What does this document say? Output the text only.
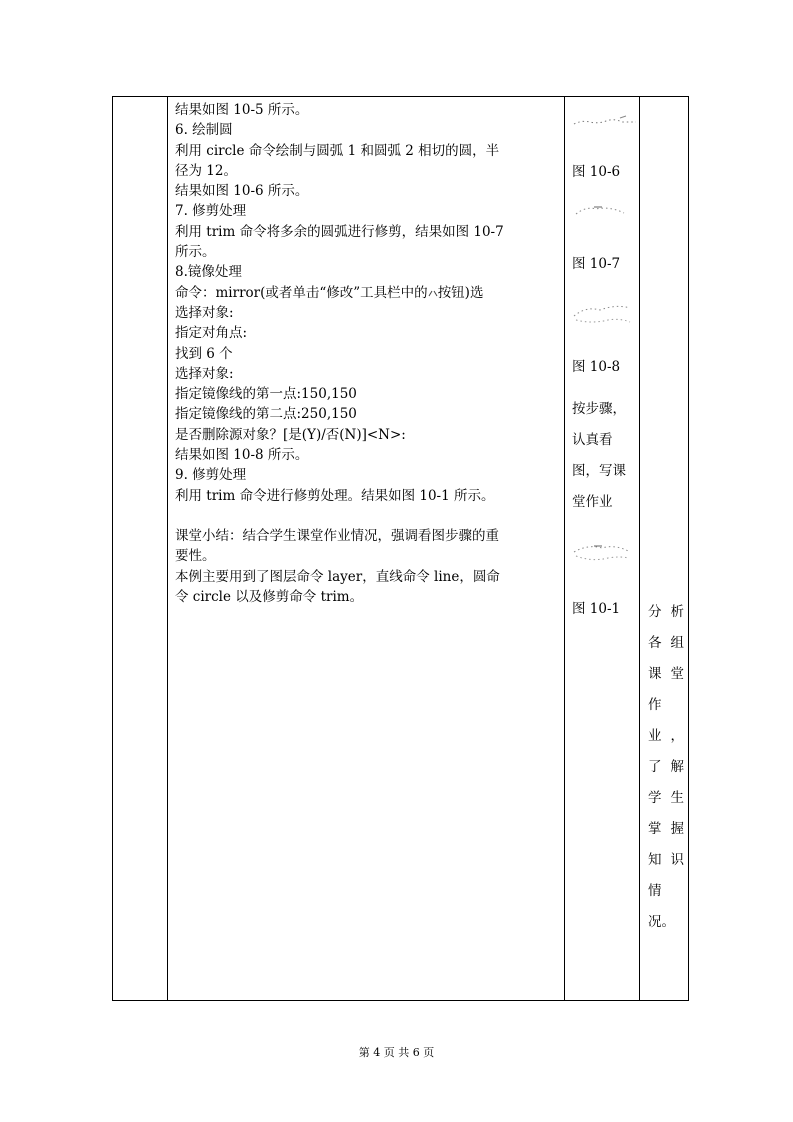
结果如图 10-5 所示。
6. 绘制圆
利用 circle 命令绘制与圆弧 1 和圆弧 2 相切的圆，半
径为 12。
结果如图 10-6 所示。
7. 修剪处理
利用 trim 命令将多余的圆弧进行修剪，结果如图 10-7
所示。
8.镜像处理
命令：mirror(或者单击“修改”工具栏中的 按钮)选
选择对象:
指定对角点:
找到 6 个
选择对象:
指定镜像线的第一点:150,150
指定镜像线的第二点:250,150
是否删除源对象？[是(Y)/否(N)]<N>:
结果如图 10-8 所示。
9. 修剪处理
利用 trim 命令进行修剪处理。结果如图 10-1 所示。
课堂小结：结合学生课堂作业情况，强调看图步骤的重
要性。
本例主要用到了图层命令 layer，直线命令 line，圆命
令 circle 以及修剪命令 trim。
图 10-6
图 10-7
图 10-8
按步骤，
认真看
图，写课
堂作业
图 10-1 分 析
各 组
课 堂
作
业 ，
了 解
学 生
掌 握
知 识
情
况。
第 4 页 共 6 页
